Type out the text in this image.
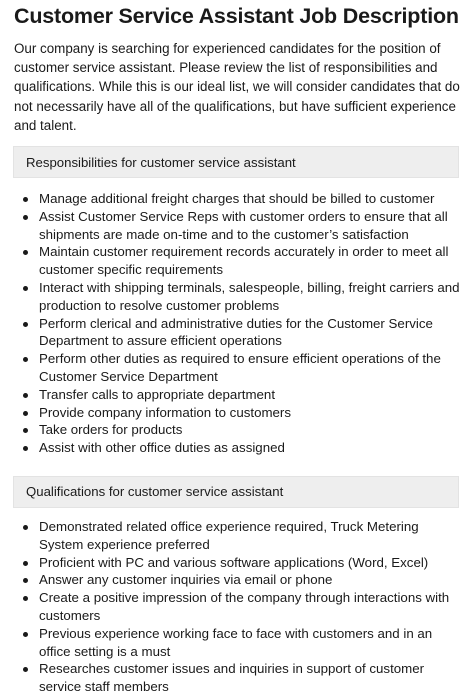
Customer Service Assistant Job Description

Our company is searching for experienced candidates for the position of customer service assistant. Please review the list of responsibilities and qualifications. While this is our ideal list, we will consider candidates that do not necessarily have all of the qualifications, but have sufficient experience and talent.

Responsibilities for customer service assistant
Manage additional freight charges that should be billed to customer
Assist Customer Service Reps with customer orders to ensure that all shipments are made on-time and to the customer’s satisfaction
Maintain customer requirement records accurately in order to meet all customer specific requirements
Interact with shipping terminals, salespeople, billing, freight carriers and production to resolve customer problems
Perform clerical and administrative duties for the Customer Service Department to assure efficient operations
Perform other duties as required to ensure efficient operations of the Customer Service Department
Transfer calls to appropriate department
Provide company information to customers
Take orders for products
Assist with other office duties as assigned
Qualifications for customer service assistant
Demonstrated related office experience required, Truck Metering System experience preferred
Proficient with PC and various software applications (Word, Excel)
Answer any customer inquiries via email or phone
Create a positive impression of the company through interactions with customers
Previous experience working face to face with customers and in an office setting is a must
Researches customer issues and inquiries in support of customer service staff members
